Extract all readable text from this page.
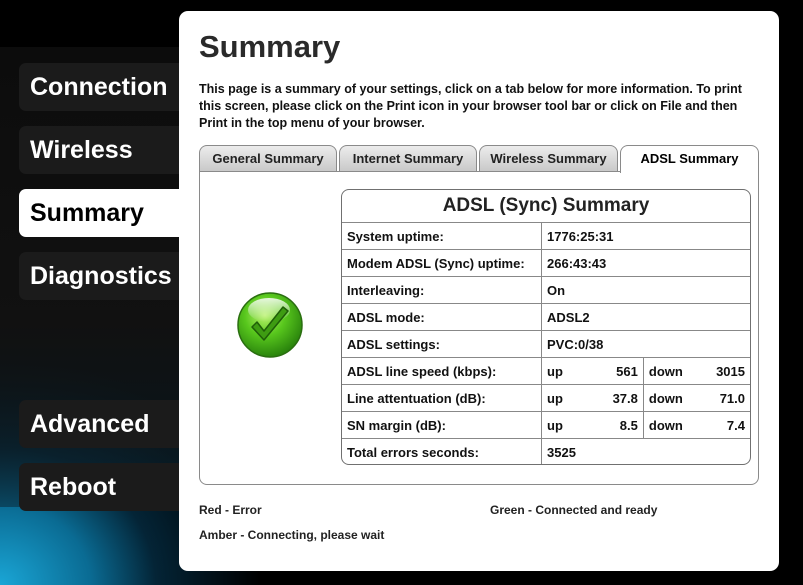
Connection
Wireless
Summary
Diagnostics
Advanced
Reboot
Summary

This page is a summary of your settings, click on a tab below for more information. To print this screen, please click on the Print icon in your browser tool bar or click on File and then Print in the top menu of your browser.

General Summary	Internet Summary	Wireless Summary	ADSL Summary
ADSL (Sync) Summary
System uptime:	1776:25:31			
Modem ADSL (Sync) uptime:	266:43:43			
Interleaving:	On			
ADSL mode:	ADSL2			
ADSL settings:	PVC:0/38			
ADSL line speed (kbps):	up	561	down	3015
Line attentuation (dB):	up	37.8	down	71.0
SN margin (dB):	up	8.5	down	7.4
Total errors seconds:	3525			
Red - Error	Green - Connected and ready
Amber - Connecting, please wait
